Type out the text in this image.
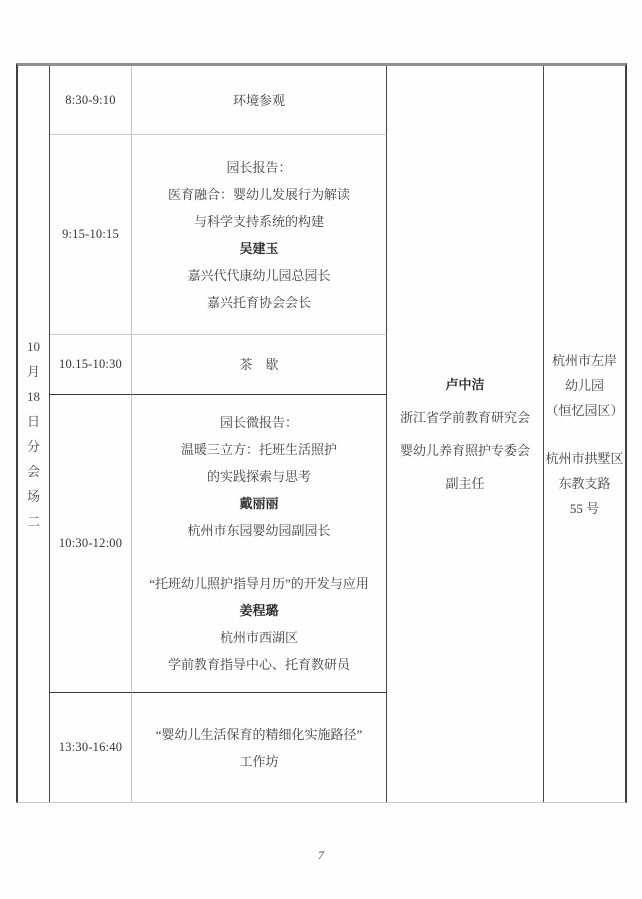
10
月
18
日
分
会
场
二
8:30-9:10	环境参观
9:15-10:15
园长报告：
医育融合：婴幼儿发展行为解读
与科学支持系统的构建
吴建玉
嘉兴代代康幼儿园总园长
嘉兴托育协会会长
10.15-10:30	茶　歇
10:30-12:00
园长微报告：
温暖三立方：托班生活照护
的实践探索与思考
戴丽丽
杭州市东园婴幼园副园长
“托班幼儿照护指导月历”的开发与应用
姜程璐
杭州市西湖区
学前教育指导中心、托育教研员
13:30-16:40
“婴幼儿生活保育的精细化实施路径”
工作坊
卢中洁
浙江省学前教育研究会
婴幼儿养育照护专委会
副主任
杭州市左岸
幼儿园
（恒忆园区）
杭州市拱墅区
东教支路
55 号
7
